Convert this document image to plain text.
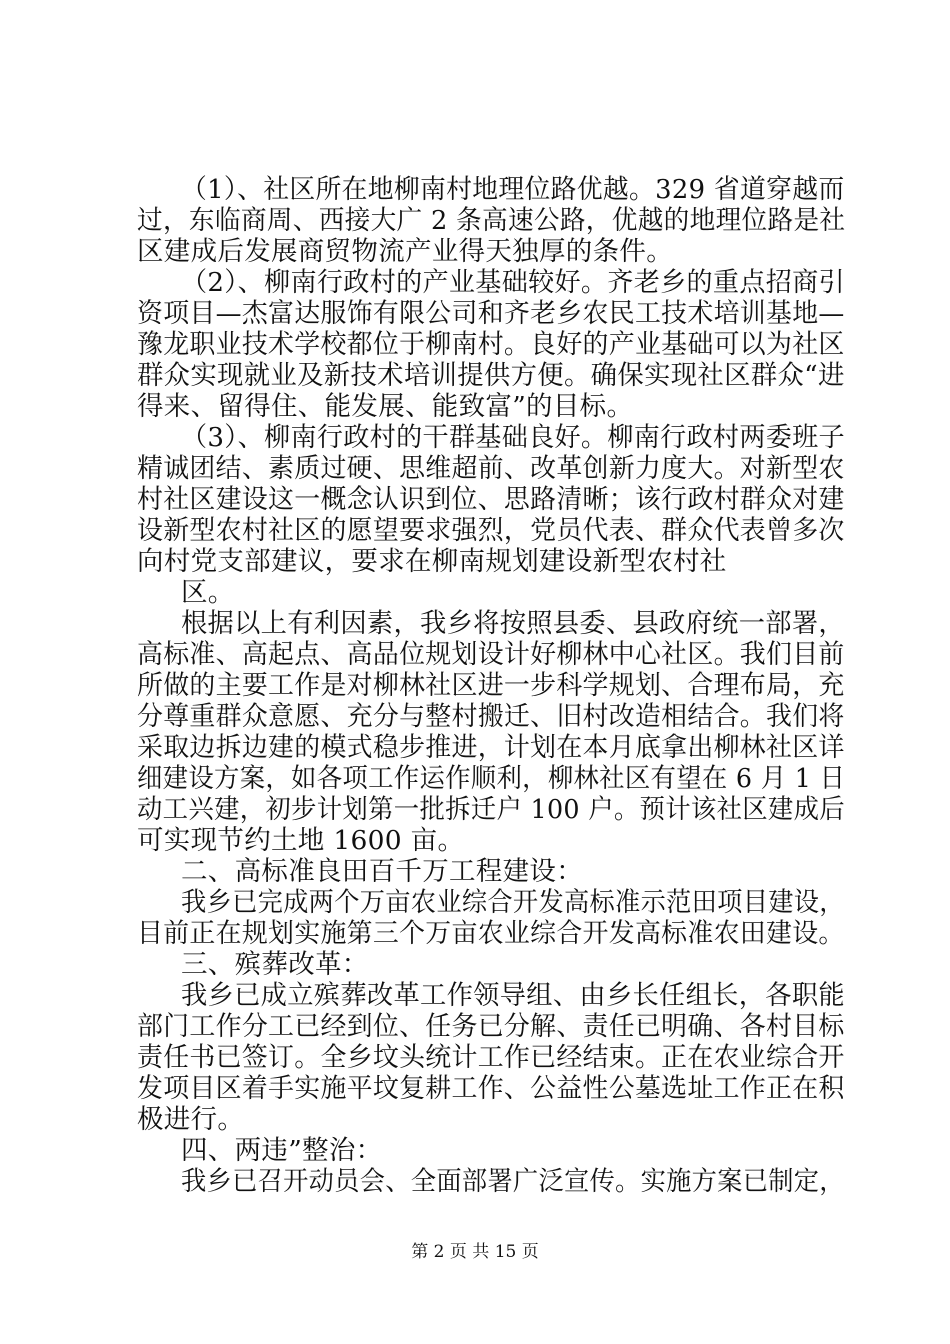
（1）、社区所在地柳南村地理位路优越。329 省道穿越而
过，东临商周、西接大广 2 条高速公路，优越的地理位路是社
区建成后发展商贸物流产业得天独厚的条件。
（2）、柳南行政村的产业基础较好。齐老乡的重点招商引
资项目—杰富达服饰有限公司和齐老乡农民工技术培训基地—
豫龙职业技术学校都位于柳南村。良好的产业基础可以为社区
群众实现就业及新技术培训提供方便。确保实现社区群众“进
得来、留得住、能发展、能致富”的目标。
（3）、柳南行政村的干群基础良好。柳南行政村两委班子
精诚团结、素质过硬、思维超前、改革创新力度大。对新型农
村社区建设这一概念认识到位、思路清晰；该行政村群众对建
设新型农村社区的愿望要求强烈，党员代表、群众代表曾多次
向村党支部建议，要求在柳南规划建设新型农村社
区。
根据以上有利因素，我乡将按照县委、县政府统一部署，
高标准、高起点、高品位规划设计好柳林中心社区。我们目前
所做的主要工作是对柳林社区进一步科学规划、合理布局，充
分尊重群众意愿、充分与整村搬迁、旧村改造相结合。我们将
采取边拆边建的模式稳步推进，计划在本月底拿出柳林社区详
细建设方案，如各项工作运作顺利，柳林社区有望在 6 月 1 日
动工兴建，初步计划第一批拆迁户 100 户。预计该社区建成后
可实现节约土地 1600 亩。
二、高标准良田百千万工程建设：
我乡已完成两个万亩农业综合开发高标准示范田项目建设，
目前正在规划实施第三个万亩农业综合开发高标准农田建设。
三、殡葬改革：
我乡已成立殡葬改革工作领导组、由乡长任组长，各职能
部门工作分工已经到位、任务已分解、责任已明确、各村目标
责任书已签订。全乡坟头统计工作已经结束。正在农业综合开
发项目区着手实施平坟复耕工作、公益性公墓选址工作正在积
极进行。
四、两违”整治：
我乡已召开动员会、全面部署广泛宣传。实施方案已制定，
第 2 页 共 15 页
